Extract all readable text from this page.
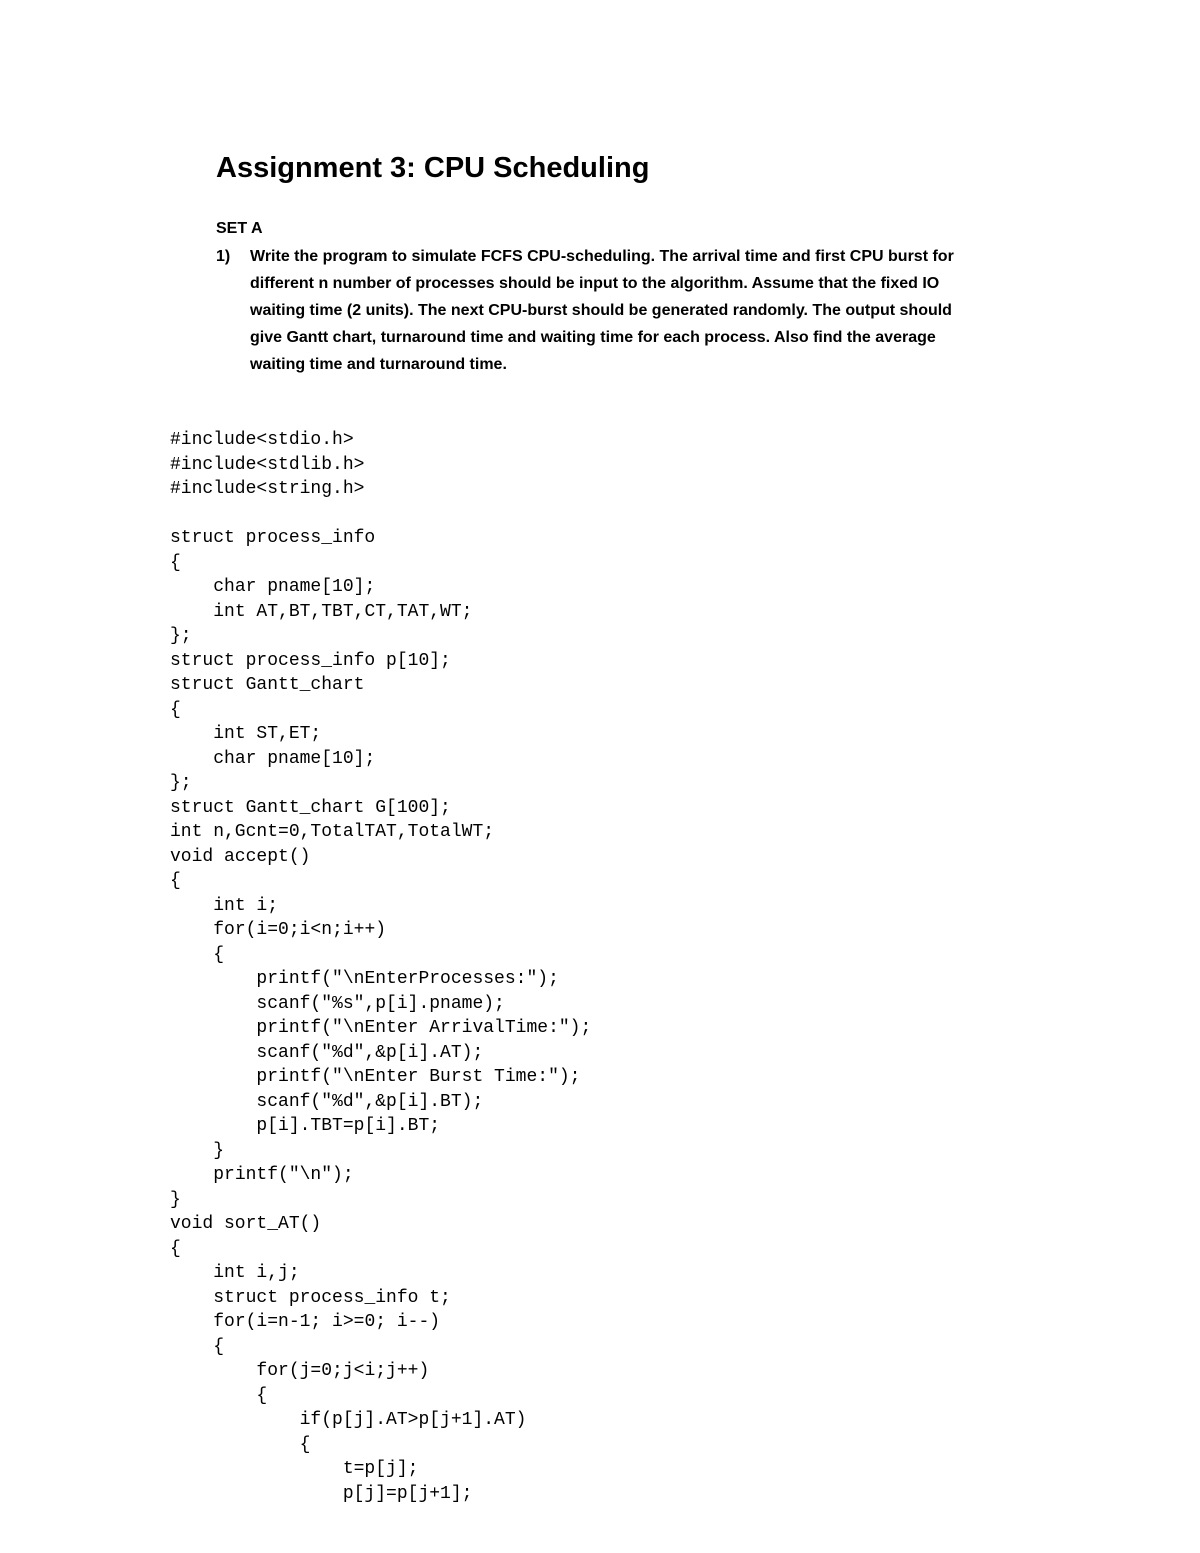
Assignment 3: CPU Scheduling
SET A
1) Write the program to simulate FCFS CPU-scheduling. The arrival time and first CPU burst for
different n number of processes should be input to the algorithm. Assume that the fixed IO
waiting time (2 units). The next CPU-burst should be generated randomly. The output should
give Gantt chart, turnaround time and waiting time for each process. Also find the average
waiting time and turnaround time.
#include<stdio.h>
#include<stdlib.h>
#include<string.h>
struct process_info
{
	char pname[10];
	int AT,BT,TBT,CT,TAT,WT;
};
struct process_info p[10];
struct Gantt_chart
{
	int ST,ET;
	char pname[10];
};
struct Gantt_chart G[100];
int n,Gcnt=0,TotalTAT,TotalWT;
void accept()
{
	int i;
	for(i=0;i<n;i++)
	{
		printf("\nEnterProcesses:");
		scanf("%s",p[i].pname);
		printf("\nEnter ArrivalTime:");
		scanf("%d",&p[i].AT);
		printf("\nEnter Burst Time:");
		scanf("%d",&p[i].BT);
		p[i].TBT=p[i].BT;
	}
	printf("\n");
}
void sort_AT()
{
	int i,j;
	struct process_info t;
	for(i=n-1; i>=0; i--)
	{
		for(j=0;j<i;j++)
		{
			if(p[j].AT>p[j+1].AT)
			{
				t=p[j];
				p[j]=p[j+1];
